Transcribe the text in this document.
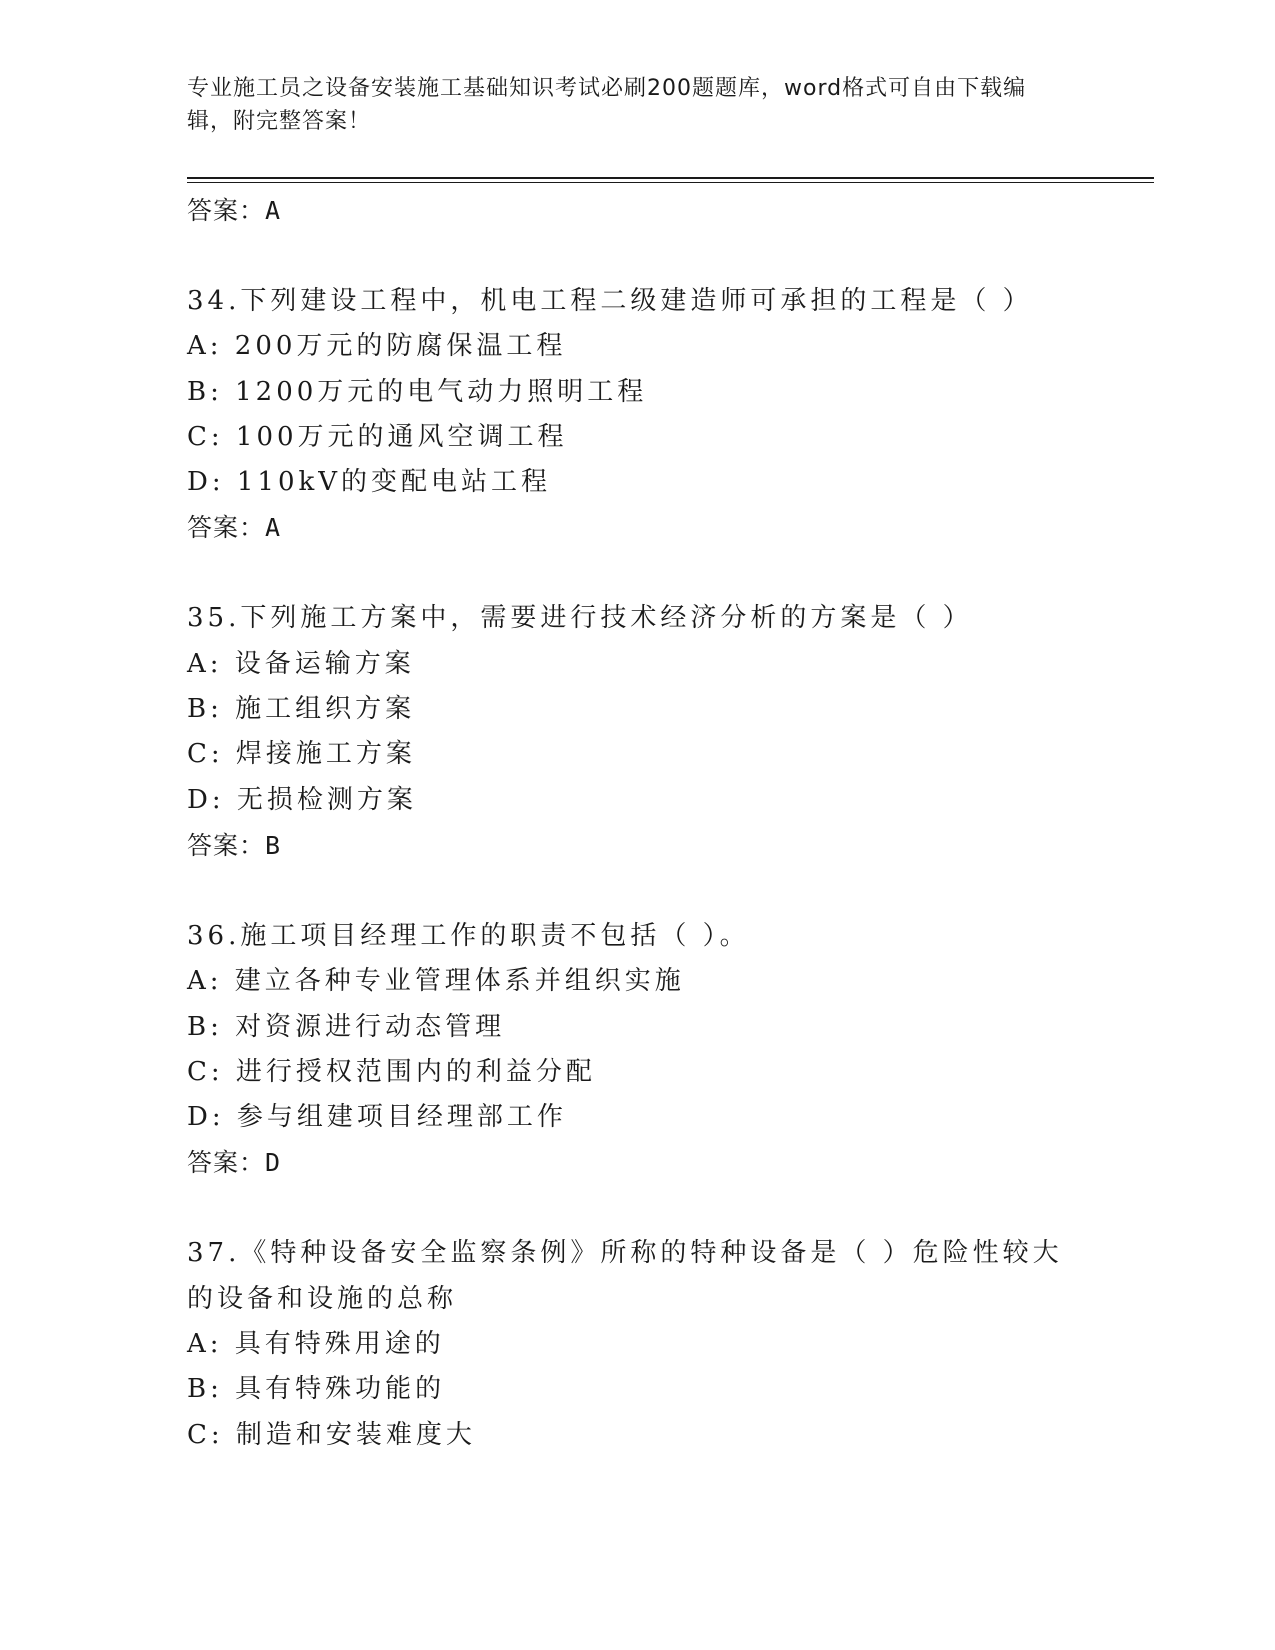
专业施工员之设备安装施工基础知识考试必刷200题题库，word格式可自由下载编辑，附完整答案！
答案：A
34.下列建设工程中，机电工程二级建造师可承担的工程是（ ）
A: 200万元的防腐保温工程
B: 1200万元的电气动力照明工程
C: 100万元的通风空调工程
D: 110kV的变配电站工程
答案：A
35.下列施工方案中，需要进行技术经济分析的方案是（ ）
A: 设备运输方案
B: 施工组织方案
C: 焊接施工方案
D: 无损检测方案
答案：B
36.施工项目经理工作的职责不包括（ ）。
A: 建立各种专业管理体系并组织实施
B: 对资源进行动态管理
C: 进行授权范围内的利益分配
D: 参与组建项目经理部工作
答案：D
37.《特种设备安全监察条例》所称的特种设备是（ ）危险性较大的设备和设施的总称
A: 具有特殊用途的
B: 具有特殊功能的
C: 制造和安装难度大
